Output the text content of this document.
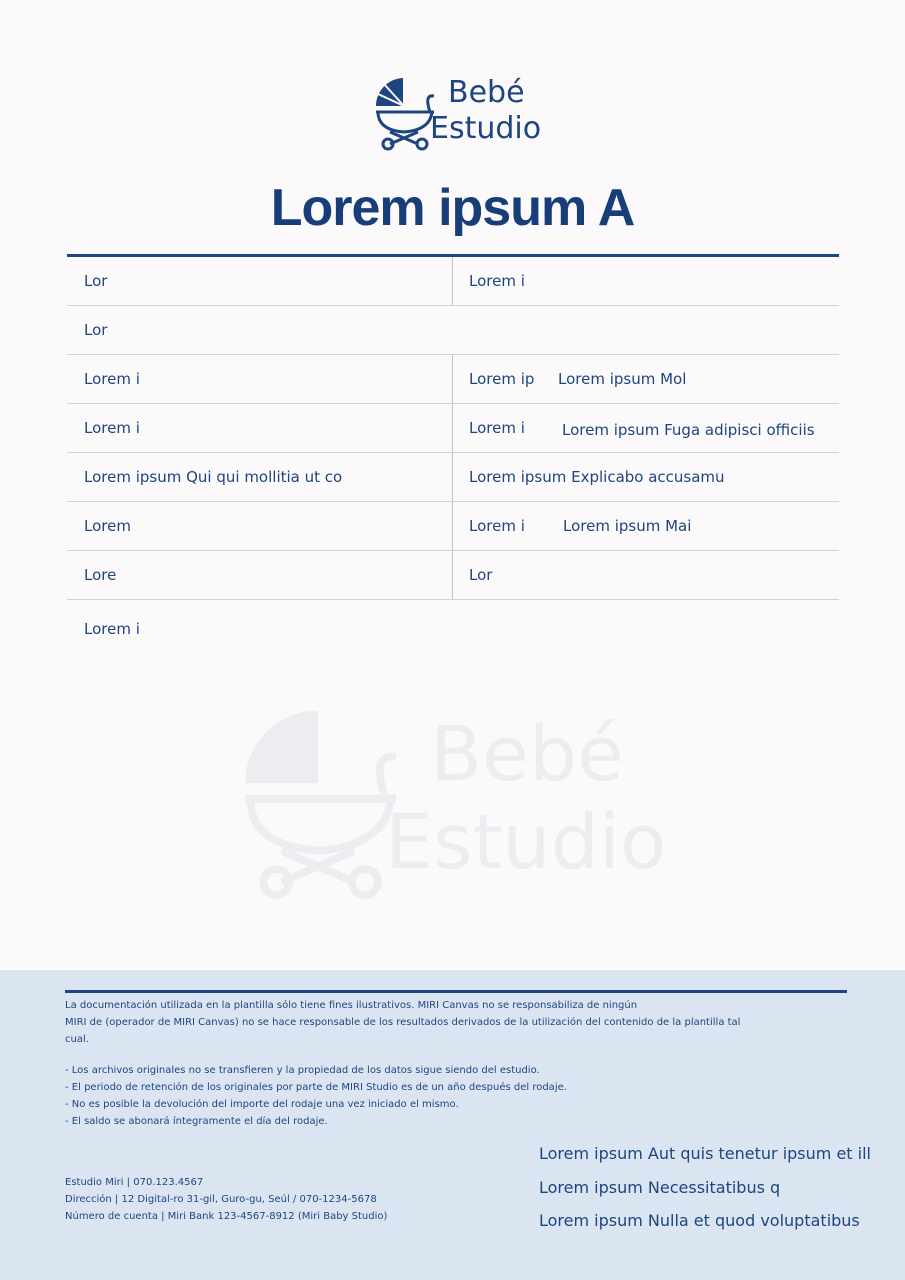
Bebé
Estudio
Lorem ipsum A
Lor	Lorem i
Lor
Lorem i	Lorem ip Lorem ipsum Mol
Lorem i	Lorem i Lorem ipsum Fuga adipisci officiis
Lorem ipsum Qui qui mollitia ut co	Lorem ipsum Explicabo accusamu
Lorem	Lorem i	Lorem ipsum Mai
Lore	Lor
Lorem i
Bebé
Estudio
La documentación utilizada en la plantilla sólo tiene fines ilustrativos. MIRI Canvas no se responsabiliza de ningún
MIRI de (operador de MIRI Canvas) no se hace responsable de los resultados derivados de la utilización del contenido de la plantilla tal
cual.
- Los archivos originales no se transfieren y la propiedad de los datos sigue siendo del estudio.
- El periodo de retención de los originales por parte de MIRI Studio es de un año después del rodaje.
- No es posible la devolución del importe del rodaje una vez iniciado el mismo.
- El saldo se abonará íntegramente el día del rodaje.
Estudio Miri | 070.123.4567
Dirección | 12 Digital-ro 31-gil, Guro-gu, Seúl / 070-1234-5678
Número de cuenta | Miri Bank 123-4567-8912 (Miri Baby Studio)
Lorem ipsum Aut quis tenetur ipsum et ill
Lorem ipsum Necessitatibus q
Lorem ipsum Nulla et quod voluptatibus
